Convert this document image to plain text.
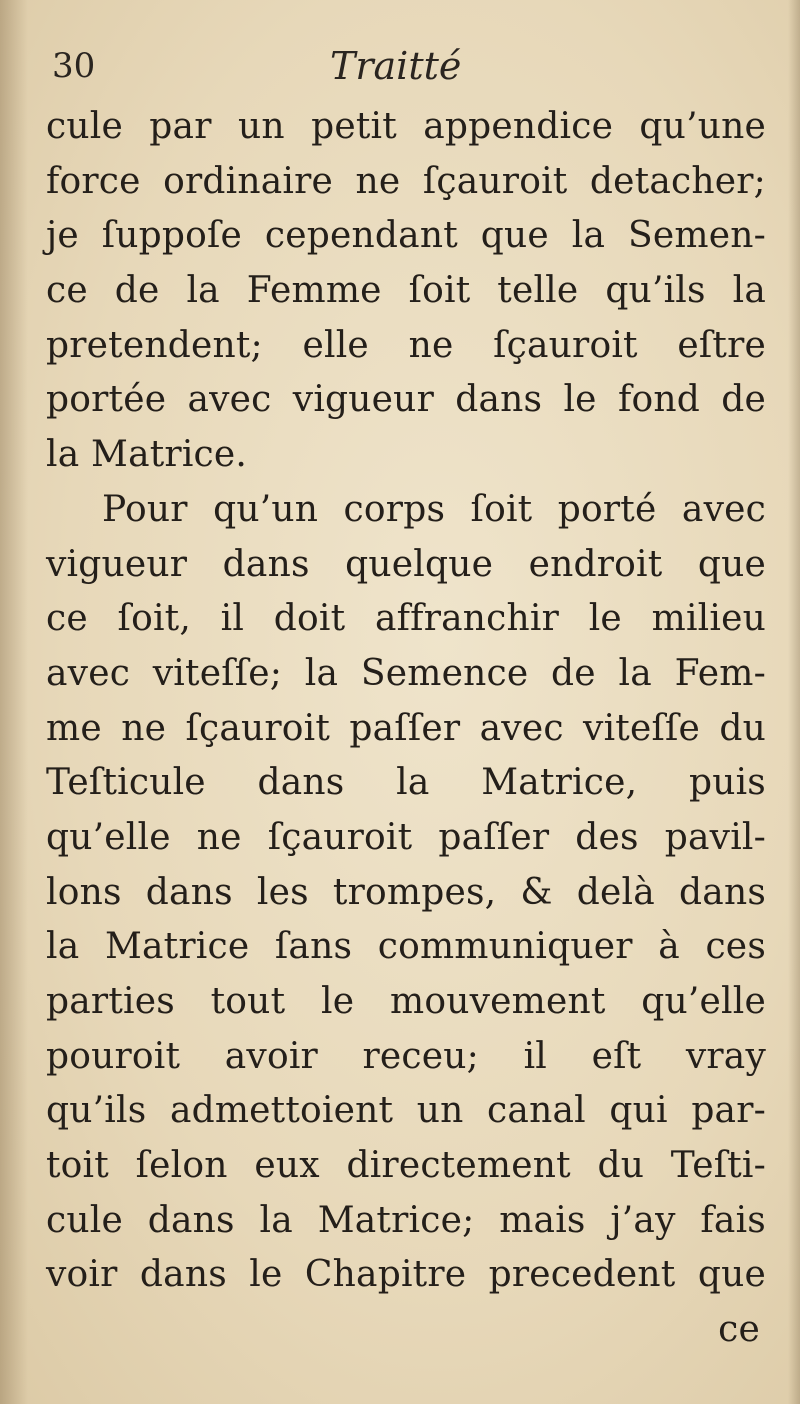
30	Traitté
cule par un petit appendice qu’une
force ordinaire ne ſçauroit detacher;
je ſuppoſe cependant que la Semen-
ce de la Femme ſoit telle qu’ils la
pretendent; elle ne ſçauroit eſtre
portée avec vigueur dans le fond de
la Matrice.
Pour qu’un corps ſoit porté avec
vigueur dans quelque endroit que
ce ſoit, il doit affranchir le milieu
avec viteſſe; la Semence de la Fem-
me ne ſçauroit paſſer avec viteſſe du
Teſticule dans la Matrice, puis
qu’elle ne ſçauroit paſſer des pavil-
lons dans les trompes, & delà dans
la Matrice ſans communiquer à ces
parties tout le mouvement qu’elle
pouroit avoir receu; il eſt vray
qu’ils admettoient un canal qui par-
toit ſelon eux directement du Teſti-
cule dans la Matrice; mais j’ay fais
voir dans le Chapitre precedent que
ce
